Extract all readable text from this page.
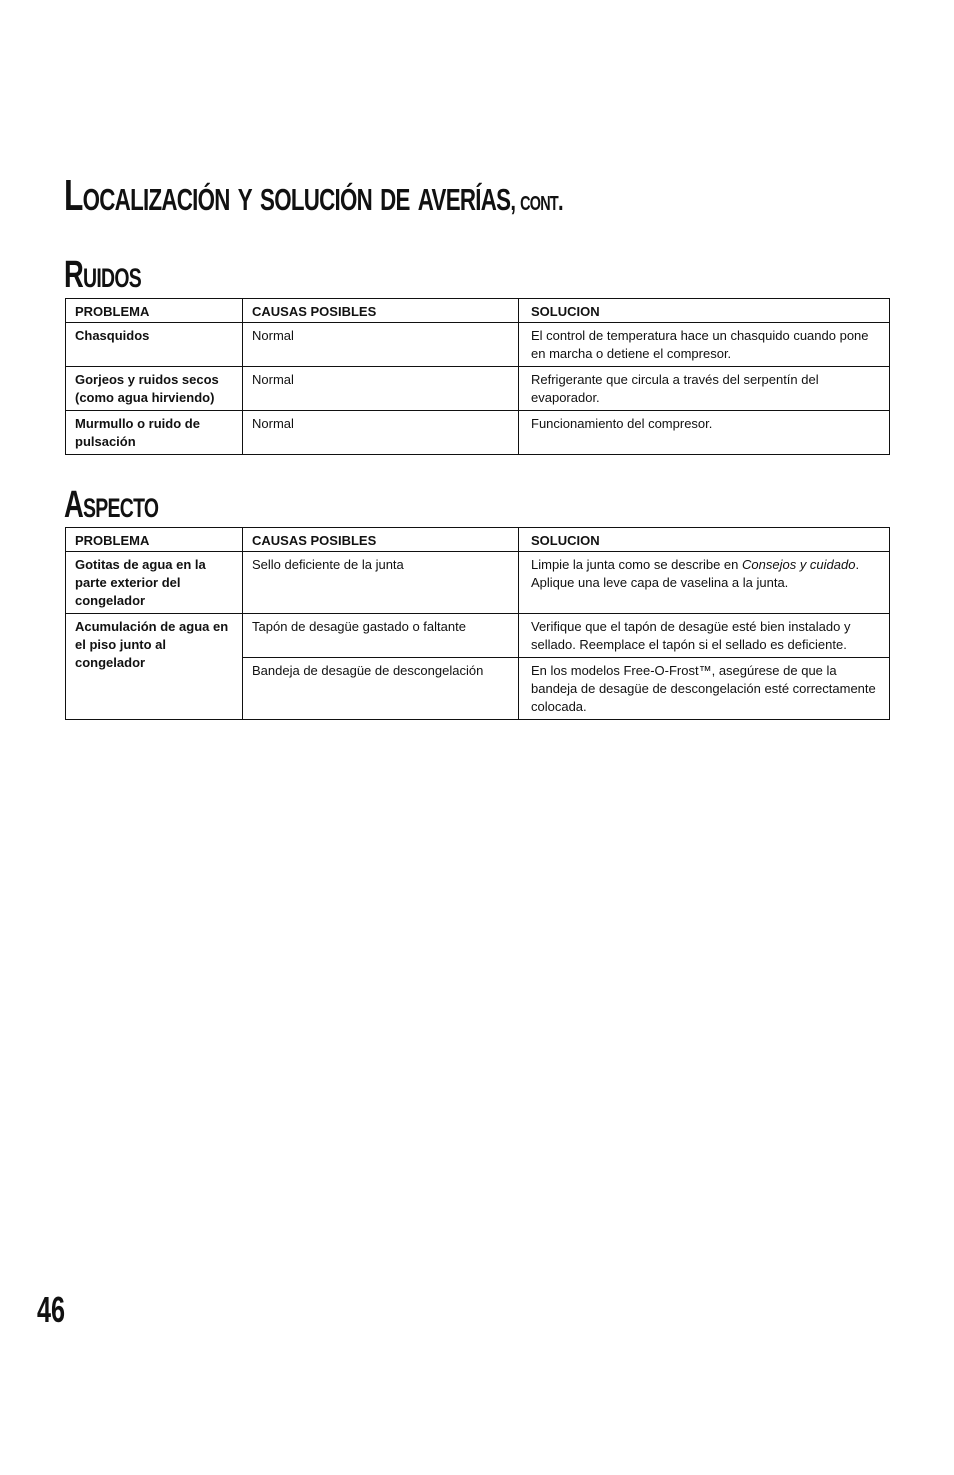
Localización y solución de averías, cont.
Ruidos
PROBLEMA	CAUSAS POSIBLES	SOLUCION
Chasquidos	Normal	El control de temperatura hace un chasquido cuando pone en marcha o detiene el compresor.
Gorjeos y ruidos secos (como agua hirviendo)	Normal	Refrigerante que circula a través del serpentín del evaporador.
Murmullo o ruido de pulsación	Normal	Funcionamiento del compresor.
Aspecto
PROBLEMA	CAUSAS POSIBLES	SOLUCION
Gotitas de agua en la parte exterior del congelador	Sello deficiente de la junta	Limpie la junta como se describe en Consejos y cuidado. Aplique una leve capa de vaselina a la junta.
Acumulación de agua en el piso junto al congelador	Tapón de desagüe gastado o faltante	Verifique que el tapón de desagüe esté bien instalado y sellado. Reemplace el tapón si el sellado es deficiente.
	Bandeja de desagüe de descongelación	En los modelos Free-O-Frost™, asegúrese de que la bandeja de desagüe de descongelación esté correctamente colocada.
46
